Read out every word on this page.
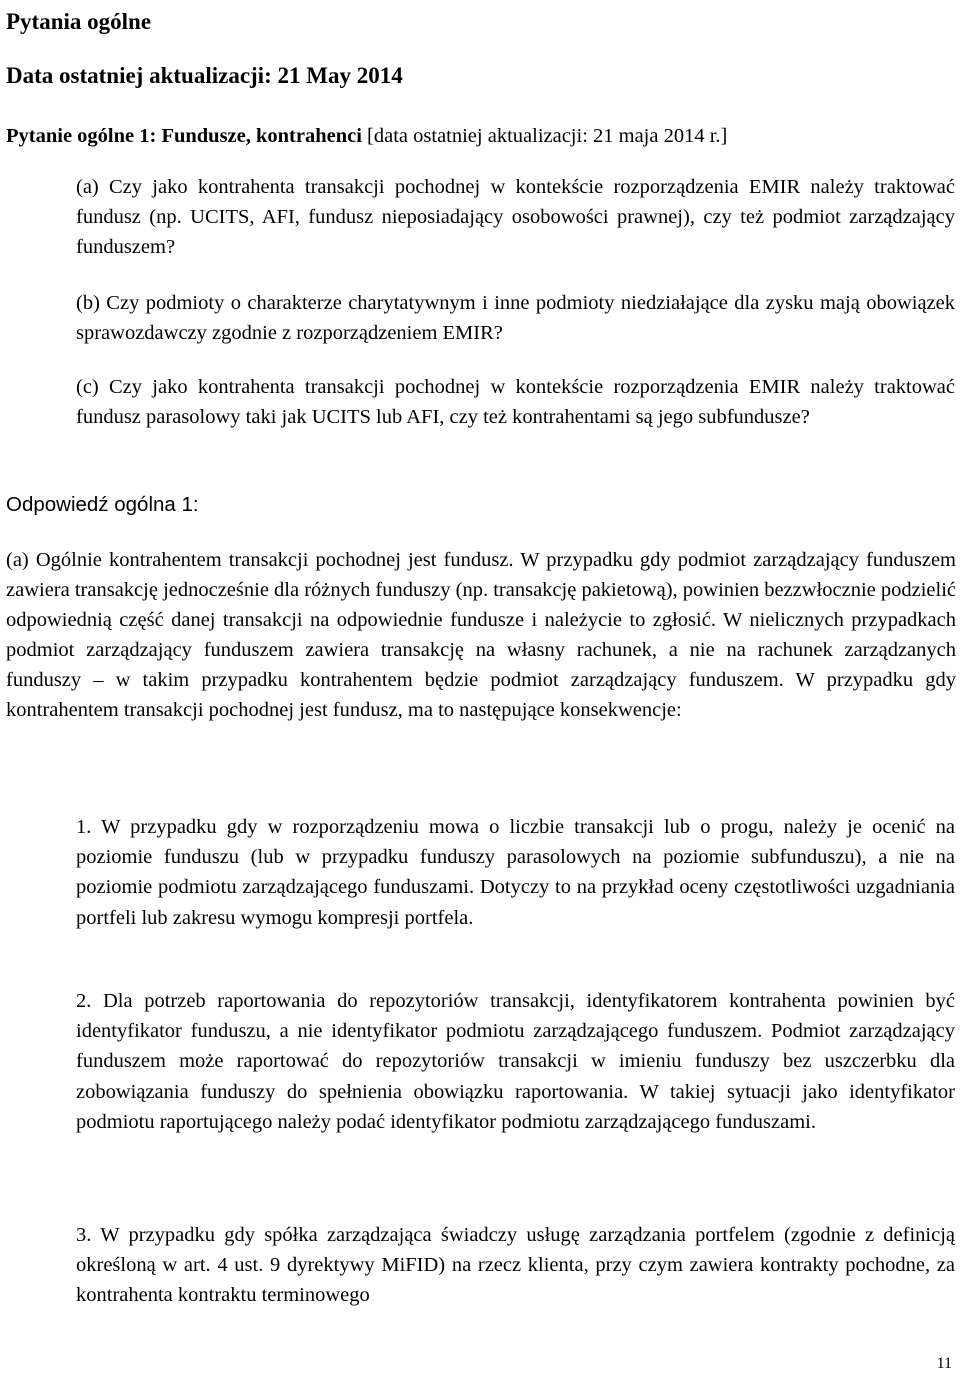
Pytania ogólne
Data ostatniej aktualizacji: 21 May 2014
Pytanie ogólne 1: Fundusze, kontrahenci [data ostatniej aktualizacji: 21 maja 2014 r.]
(a) Czy jako kontrahenta transakcji pochodnej w kontekście rozporządzenia EMIR należy traktować fundusz (np. UCITS, AFI, fundusz nieposiadający osobowości prawnej), czy też podmiot zarządzający funduszem?
(b) Czy podmioty o charakterze charytatywnym i inne podmioty niedziałające dla zysku mają obowiązek sprawozdawczy zgodnie z rozporządzeniem EMIR?
(c) Czy jako kontrahenta transakcji pochodnej w kontekście rozporządzenia EMIR należy traktować fundusz parasolowy taki jak UCITS lub AFI, czy też kontrahentami są jego subfundusze?
Odpowiedź ogólna 1:
(a) Ogólnie kontrahentem transakcji pochodnej jest fundusz. W przypadku gdy podmiot zarządzający funduszem zawiera transakcję jednocześnie dla różnych funduszy (np. transakcję pakietową), powinien bezzwłocznie podzielić odpowiednią część danej transakcji na odpowiednie fundusze i należycie to zgłosić. W nielicznych przypadkach podmiot zarządzający funduszem zawiera transakcję na własny rachunek, a nie na rachunek zarządzanych funduszy – w takim przypadku kontrahentem będzie podmiot zarządzający funduszem. W przypadku gdy kontrahentem transakcji pochodnej jest fundusz, ma to następujące konsekwencje:
1. W przypadku gdy w rozporządzeniu mowa o liczbie transakcji lub o progu, należy je ocenić na poziomie funduszu (lub w przypadku funduszy parasolowych na poziomie subfunduszu), a nie na poziomie podmiotu zarządzającego funduszami. Dotyczy to na przykład oceny częstotliwości uzgadniania portfeli lub zakresu wymogu kompresji portfela.
2. Dla potrzeb raportowania do repozytoriów transakcji, identyfikatorem kontrahenta powinien być identyfikator funduszu, a nie identyfikator podmiotu zarządzającego funduszem. Podmiot zarządzający funduszem może raportować do repozytoriów transakcji w imieniu funduszy bez uszczerbku dla zobowiązania funduszy do spełnienia obowiązku raportowania. W takiej sytuacji jako identyfikator podmiotu raportującego należy podać identyfikator podmiotu zarządzającego funduszami.
3. W przypadku gdy spółka zarządzająca świadczy usługę zarządzania portfelem (zgodnie z definicją określoną w art. 4 ust. 9 dyrektywy MiFID) na rzecz klienta, przy czym zawiera kontrakty pochodne, za kontrahenta kontraktu terminowego
11
